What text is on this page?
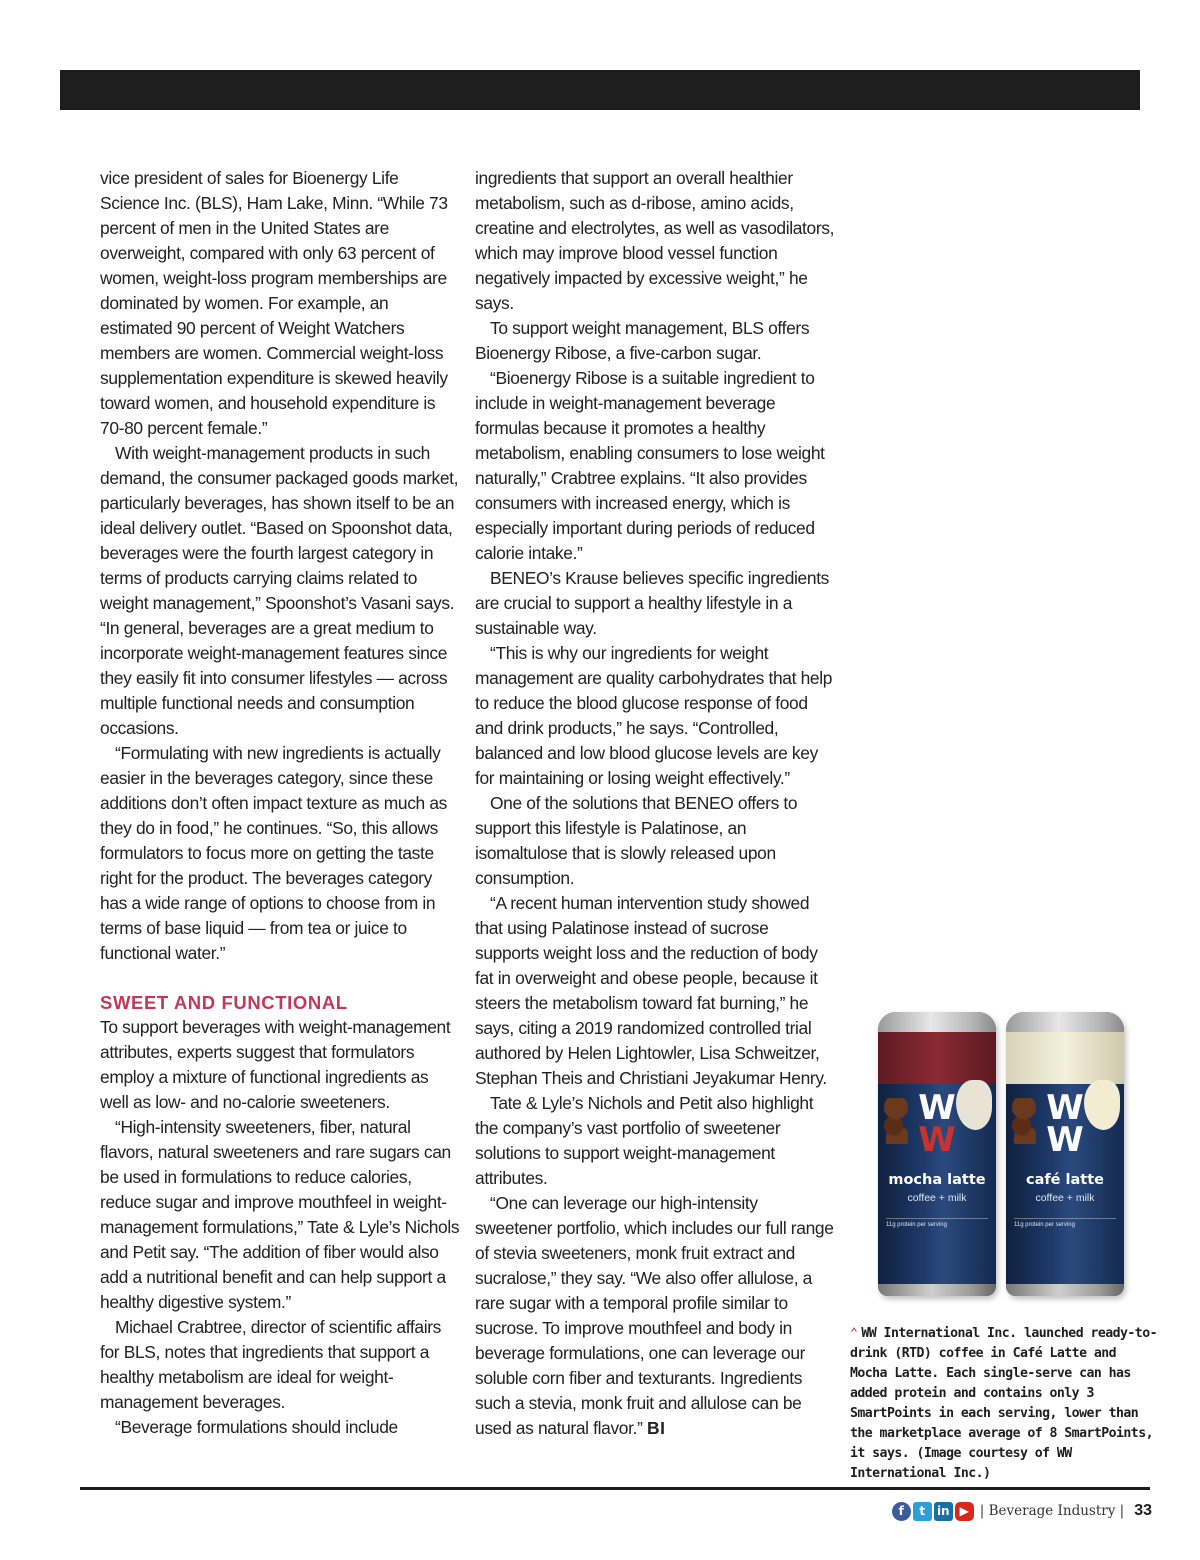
vice president of sales for Bioenergy Life Science Inc. (BLS), Ham Lake, Minn. “While 73 percent of men in the United States are overweight, compared with only 63 percent of women, weight-loss program memberships are dominated by women. For example, an estimated 90 percent of Weight Watchers members are women. Commercial weight-loss supplementation expenditure is skewed heavily toward women, and household expenditure is 70-80 percent female.”

With weight-management products in such demand, the consumer packaged goods market, particularly beverages, has shown itself to be an ideal delivery outlet. “Based on Spoonshot data, beverages were the fourth largest category in terms of products carrying claims related to weight management,” Spoonshot’s Vasani says. “In general, beverages are a great medium to incorporate weight-management features since they easily fit into consumer lifestyles — across multiple functional needs and consumption occasions.

“Formulating with new ingredients is actually easier in the beverages category, since these additions don’t often impact texture as much as they do in food,” he continues. “So, this allows formulators to focus more on getting the taste right for the product. The beverages category has a wide range of options to choose from in terms of base liquid — from tea or juice to functional water.”

SWEET AND FUNCTIONAL

To support beverages with weight-management attributes, experts suggest that formulators employ a mixture of functional ingredients as well as low- and no-calorie sweeteners.

“High-intensity sweeteners, fiber, natural flavors, natural sweeteners and rare sugars can be used in formulations to reduce calories, reduce sugar and improve mouthfeel in weight-management formulations,” Tate & Lyle’s Nichols and Petit say. “The addition of fiber would also add a nutritional benefit and can help support a healthy digestive system.”

Michael Crabtree, director of scientific affairs for BLS, notes that ingredients that support a healthy metabolism are ideal for weight-management beverages.

“Beverage formulations should include

ingredients that support an overall healthier metabolism, such as d-ribose, amino acids, creatine and electrolytes, as well as vasodilators, which may improve blood vessel function negatively impacted by excessive weight,” he says.

To support weight management, BLS offers Bioenergy Ribose, a five-carbon sugar.

“Bioenergy Ribose is a suitable ingredient to include in weight-management beverage formulas because it promotes a healthy metabolism, enabling consumers to lose weight naturally,” Crabtree explains. “It also provides consumers with increased energy, which is especially important during periods of reduced calorie intake.”

BENEO’s Krause believes specific ingredients are crucial to support a healthy lifestyle in a sustainable way.

“This is why our ingredients for weight management are quality carbohydrates that help to reduce the blood glucose response of food and drink products,” he says. “Controlled, balanced and low blood glucose levels are key for maintaining or losing weight effectively.”

One of the solutions that BENEO offers to support this lifestyle is Palatinose, an isomaltulose that is slowly released upon consumption.

“A recent human intervention study showed that using Palatinose instead of sucrose supports weight loss and the reduction of body fat in overweight and obese people, because it steers the metabolism toward fat burning,” he says, citing a 2019 randomized controlled trial authored by Helen Lightowler, Lisa Schweitzer, Stephan Theis and Christiani Jeyakumar Henry.

Tate & Lyle’s Nichols and Petit also highlight the company’s vast portfolio of sweetener solutions to support weight-management attributes.

“One can leverage our high-intensity sweetener portfolio, which includes our full range of stevia sweeteners, monk fruit extract and sucralose,” they say. “We also offer allulose, a rare sugar with a temporal profile similar to sucrose. To improve mouthfeel and body in beverage formulations, one can leverage our soluble corn fiber and texturants. Ingredients such a stevia, monk fruit and allulose can be used as natural flavor.” BI

W
W
mocha latte
coffee + milk
11g protein per serving
W
W
café latte
coffee + milk
11g protein per serving
⌃ WW International Inc. launched ready-to-drink (RTD) coffee in Café Latte and Mocha Latte. Each single-serve can has added protein and contains only 3 SmartPoints in each serving, lower than the marketplace average of 8 SmartPoints, it says. (Image courtesy of WW International Inc.)
f	t in ▶ | Beverage Industry | 33
